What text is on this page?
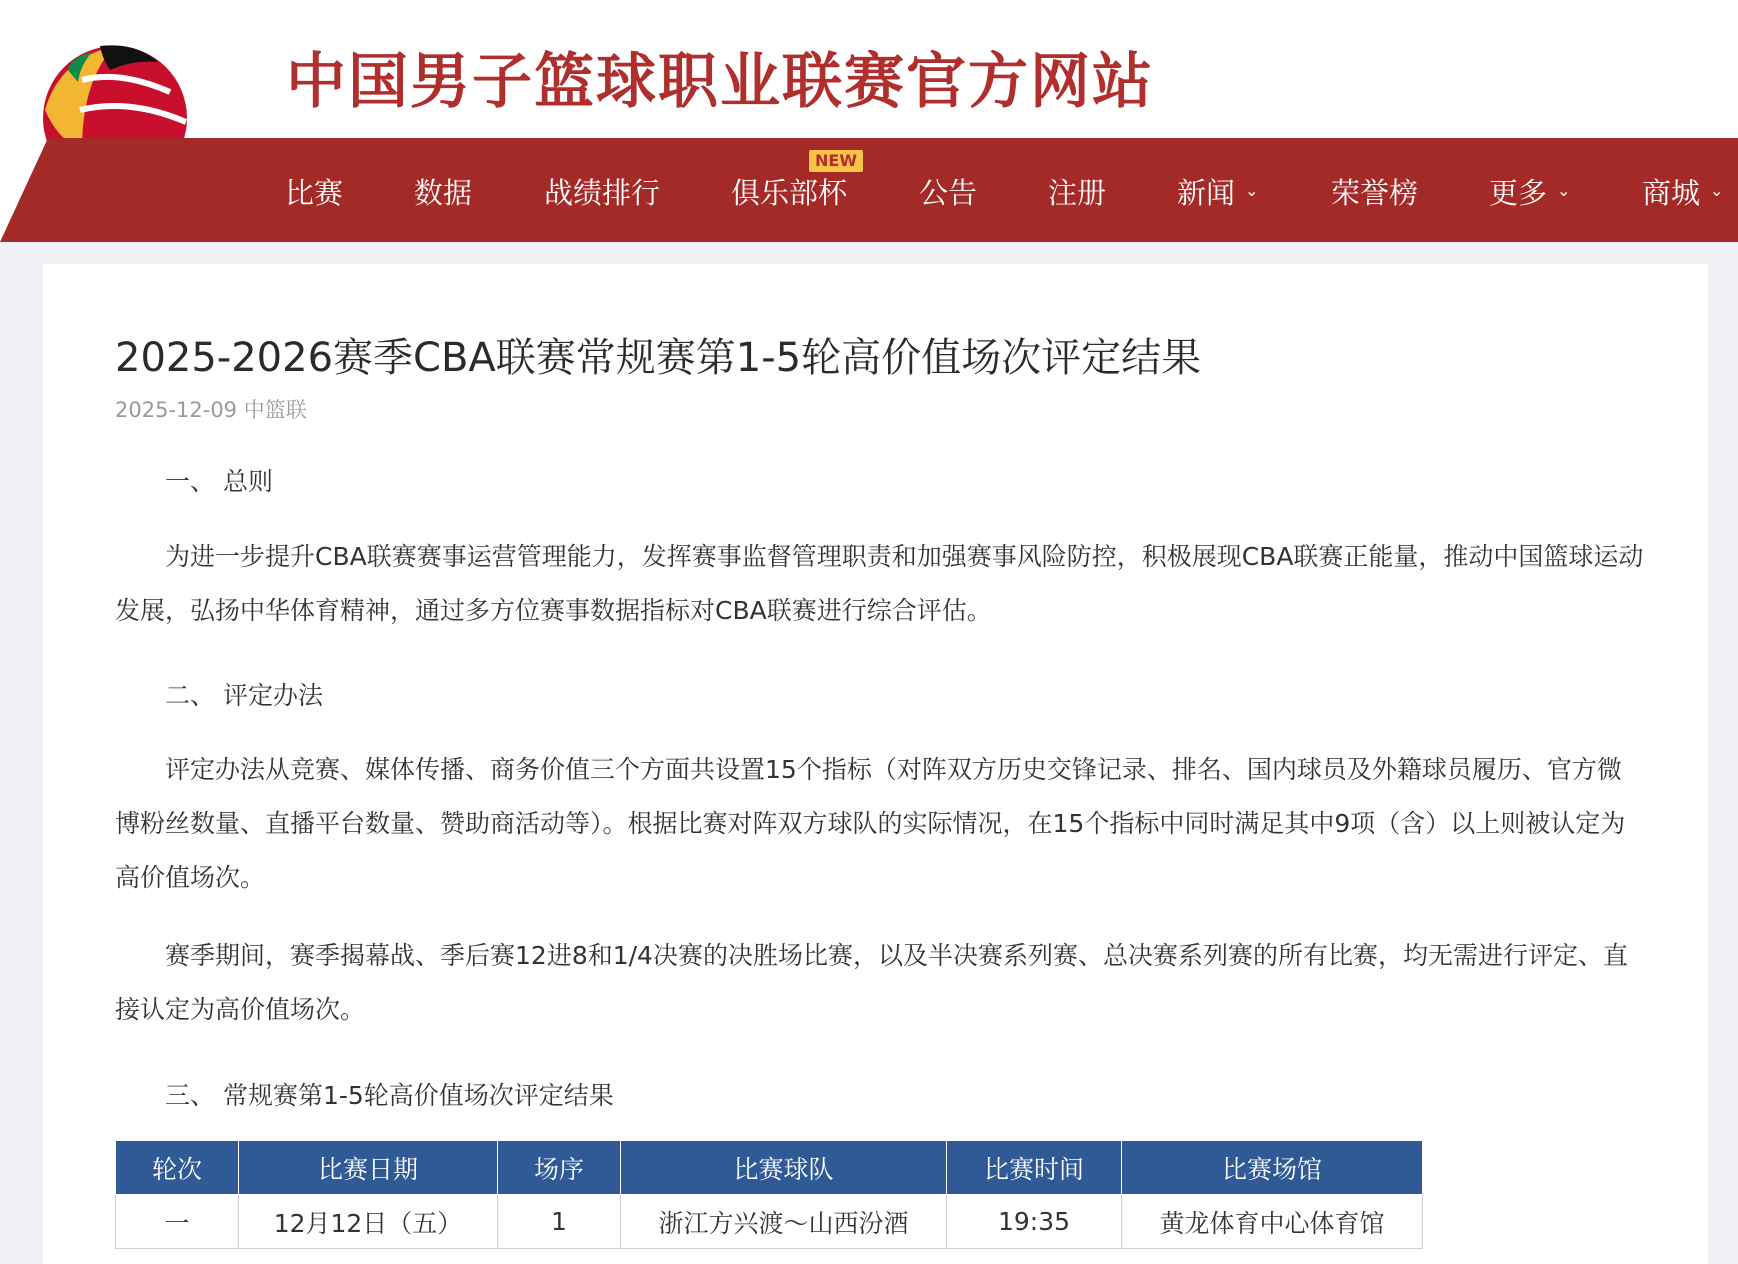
中国男子篮球职业联赛官方网站
比赛 数据 战绩排行 俱乐部杯 公告 注册 新闻 ⌄	荣誉榜 更多 ⌄ 商城 ⌄
NEW
2025-2026赛季CBA联赛常规赛第1-5轮高价值场次评定结果
2025-12-09 中篮联
一、 总则
为进一步提升CBA联赛赛事运营管理能力，发挥赛事监督管理职责和加强赛事风险防控，积极展现CBA联赛正能量，推动中国篮球运动发展，弘扬中华体育精神，通过多方位赛事数据指标对CBA联赛进行综合评估。
二、 评定办法
评定办法从竞赛、媒体传播、商务价值三个方面共设置15个指标（对阵双方历史交锋记录、排名、国内球员及外籍球员履历、官方微博粉丝数量、直播平台数量、赞助商活动等）。根据比赛对阵双方球队的实际情况，在15个指标中同时满足其中9项（含）以上则被认定为高价值场次。
赛季期间，赛季揭幕战、季后赛12进8和1/4决赛的决胜场比赛，以及半决赛系列赛、总决赛系列赛的所有比赛，均无需进行评定、直接认定为高价值场次。
三、 常规赛第1-5轮高价值场次评定结果
轮次	比赛日期	场序	比赛球队	比赛时间	比赛场馆
一	12月12日（五）	1	浙江方兴渡～山西汾酒	19:35	黄龙体育中心体育馆
